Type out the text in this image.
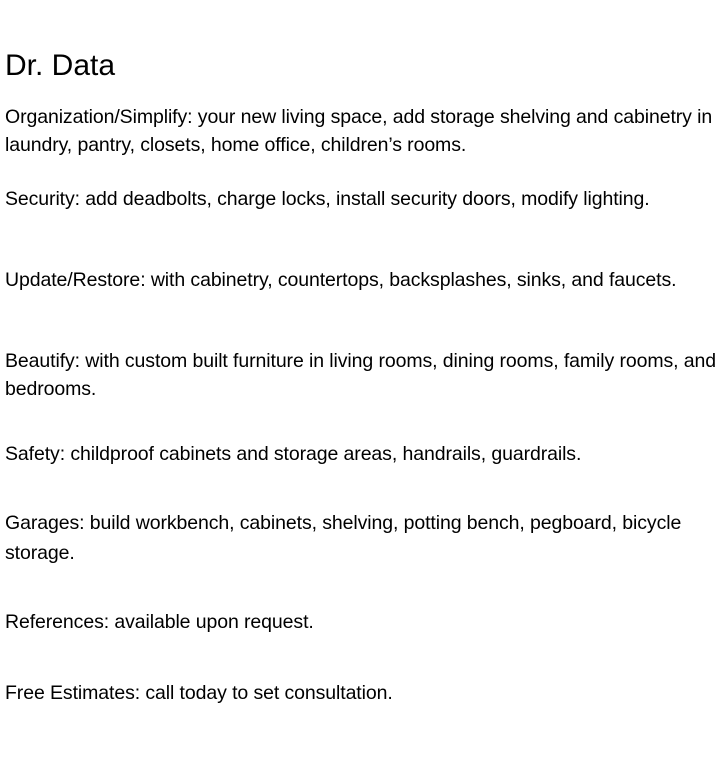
Dr. Data

Organization/Simplify: your new living space, add storage shelving and cabinetry in laundry, pantry, closets, home office, children’s rooms.

Security: add deadbolts, charge locks, install security doors, modify lighting.

Update/Restore: with cabinetry, countertops, backsplashes, sinks, and faucets.

Beautify: with custom built furniture in living rooms, dining rooms, family rooms, and bedrooms.

Safety: childproof cabinets and storage areas, handrails, guardrails.

Garages: build workbench, cabinets, shelving, potting bench, pegboard, bicycle storage.

References: available upon request.

Free Estimates: call today to set consultation.
